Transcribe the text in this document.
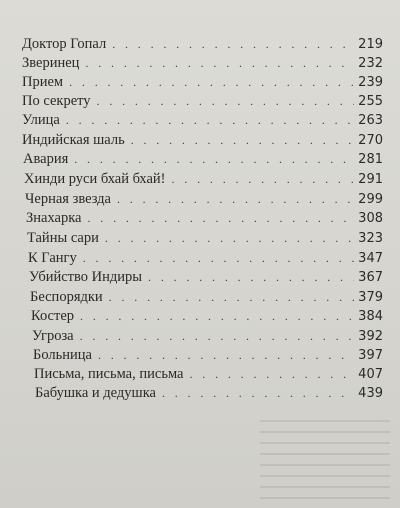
Доктор Гопал . . .	219
Зверинец . . .	232
Прием . . .	239
По секрету . . .	255
Улица . . .	263
Индийская шаль . . .	270
Авария . . .	281
Хинди руси бхай бхай! . . .	291
Черная звезда . . .	299
Знахарка . . .	308
Тайны сари . . .	323
К Гангу . . .	347
Убийство Индиры . . .	367
Беспорядки . . .	379
Костер . . .	384
Угроза . . .	392
Больница . . .	397
Письма, письма, письма . . .	407
Бабушка и дедушка . . .	439
